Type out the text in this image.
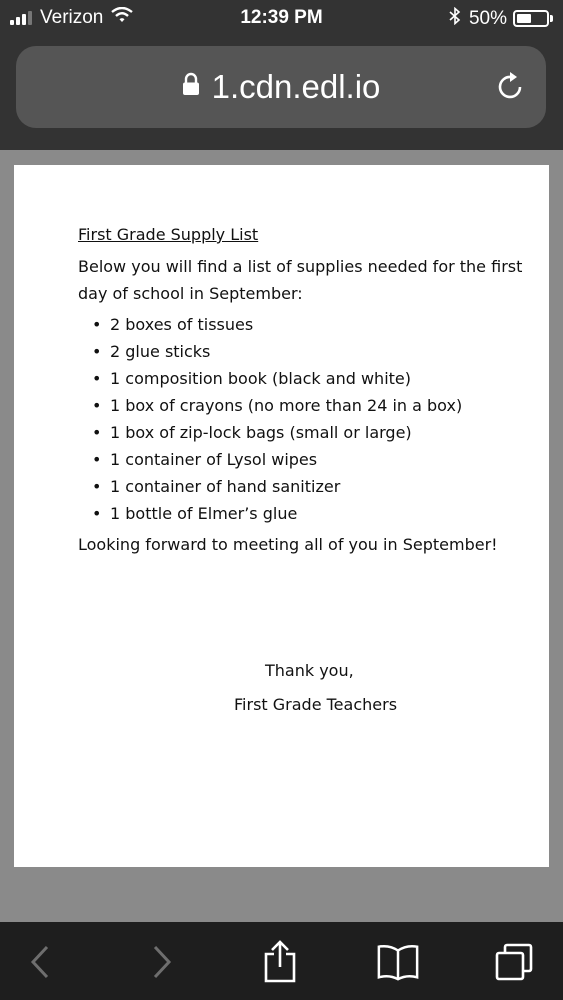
Verizon	12:39 PM	50%
1.cdn.edl.io
First Grade Supply List
Below you will find a list of supplies needed for the first day of school in September:
• 2 boxes of tissues
• 2 glue sticks
• 1 composition book (black and white)
• 1 box of crayons (no more than 24 in a box)
• 1 box of zip-lock bags (small or large)
• 1 container of Lysol wipes
• 1 container of hand sanitizer
• 1 bottle of Elmer’s glue
Looking forward to meeting all of you in September!
Thank you,
First Grade Teachers
